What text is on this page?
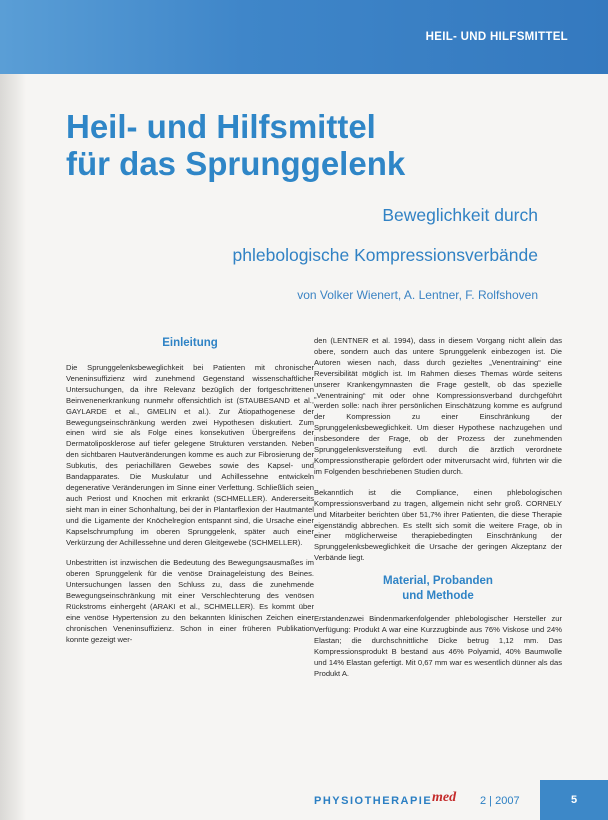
HEIL- UND HILFSMITTEL
Heil- und Hilfsmittel
für das Sprunggelenk
Beweglichkeit durch
phlebologische Kompressionsverbände
von Volker Wienert, A. Lentner, F. Rolfshoven
Einleitung

Die Sprunggelenksbeweglichkeit bei Patienten mit chronischer Veneninsuffizienz wird zunehmend Gegenstand wissenschaftlicher Untersuchungen, da ihre Relevanz bezüglich der fortgeschrittenen Beinvenenerkrankung nunmehr offensichtlich ist (STAUBESAND et al., GAYLARDE et al., GMELIN et al.). Zur Ätiopathogenese der Bewegungseinschränkung werden zwei Hypothesen diskutiert. Zum einen wird sie als Folge eines konsekutiven Übergreifens der Dermatoliposklerose auf tiefer gelegene Strukturen verstanden. Neben den sichtbaren Hautveränderungen komme es auch zur Fibrosierung der Subkutis, des periachillären Gewebes sowie des Kapsel- und Bandapparates. Die Muskulatur und Achillessehne entwickeln degenerative Veränderungen im Sinne einer Verfettung. Schließlich seien auch Periost und Knochen mit erkrankt (SCHMELLER). Andererseits sieht man in einer Schonhaltung, bei der in Plantarflexion der Hautmantel und die Ligamente der Knöchelregion entspannt sind, die Ursache einer Kapselschrumpfung im oberen Sprunggelenk, später auch einer Verkürzung der Achillessehne und deren Gleitgewebe (SCHMELLER).

Unbestritten ist inzwischen die Bedeutung des Bewegungsausmaßes im oberen Sprunggelenk für die venöse Drainageleistung des Beines. Untersuchungen lassen den Schluss zu, dass die zunehmende Bewegungseinschränkung mit einer Verschlechterung des venösen Rückstroms einhergeht (ARAKI et al., SCHMELLER). Es kommt über eine venöse Hypertension zu den bekannten klinischen Zeichen einer chronischen Veneninsuffizienz. Schon in einer früheren Publikation konnte gezeigt wer-

den (LENTNER et al. 1994), dass in diesem Vorgang nicht allein das obere, sondern auch das untere Sprunggelenk einbezogen ist. Die Autoren wiesen nach, dass durch gezieltes „Venentraining“ eine Reversibilität möglich ist. Im Rahmen dieses Themas würde seitens unserer Krankengymnasten die Frage gestellt, ob das spezielle „Venentraining“ mit oder ohne Kompressionsverband durchgeführt werden solle: nach ihrer persönlichen Einschätzung komme es aufgrund der Kompression zu einer Einschränkung der Sprunggelenksbeweglichkeit. Um dieser Hypothese nachzugehen und insbesondere der Frage, ob der Prozess der zunehmenden Sprunggelenksversteifung evtl. durch die ärztlich verordnete Kompressionstherapie gefördert oder mitverursacht wird, führten wir die im Folgenden beschriebenen Studien durch.

Bekanntlich ist die Compliance, einen phlebologischen Kompressionsverband zu tragen, allgemein nicht sehr groß. CORNELY und Mitarbeiter berichten über 51,7% ihrer Patienten, die diese Therapie eigenständig abbrechen. Es stellt sich somit die weitere Frage, ob in einer möglicherweise therapiebedingten Einschränkung der Sprunggelenksbeweglichkeit die Ursache der geringen Akzeptanz der Verbände liegt.

Material, Probanden
und Methode

Erstandenzwei Bindenmarkenfolgender phlebologischer Hersteller zur Verfügung: Produkt A war eine Kurzzugbinde aus 76% Viskose und 24% Elastan; die durchschnittliche Dicke betrug 1,12 mm. Das Kompressionsprodukt B bestand aus 46% Polyamid, 40% Baumwolle und 14% Elastan gefertigt. Mit 0,67 mm war es wesentlich dünner als das Produkt A.

PHYSIOTHERAPIE med 2 | 2007	5
